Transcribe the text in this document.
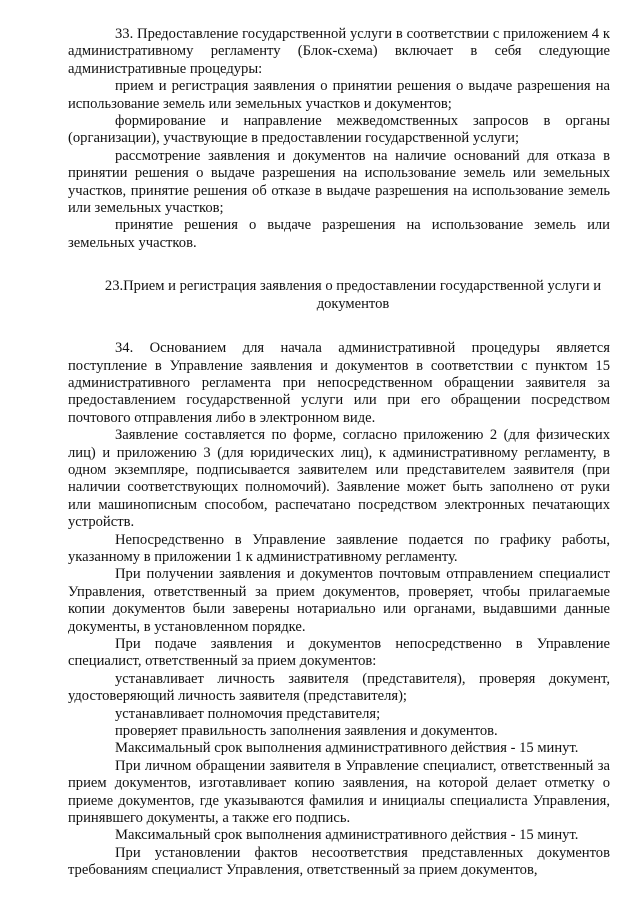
33. Предоставление государственной услуги в соответствии с приложением 4 к административному регламенту (Блок-схема) включает в себя следующие административные процедуры:

прием и регистрация заявления о принятии решения о выдаче разрешения на использование земель или земельных участков и документов;

формирование и направление межведомственных запросов в органы (организации), участвующие в предоставлении государственной услуги;

рассмотрение заявления и документов на наличие оснований для отказа в принятии решения о выдаче разрешения на использование земель или земельных участков, принятие решения об отказе в выдаче разрешения на использование земель или земельных участков;

принятие решения о выдаче разрешения на использование земель или земельных участков.

23.Прием и регистрация заявления о предоставлении государственной услуги и документов

34. Основанием для начала административной процедуры является поступление в Управление заявления и документов в соответствии с пунктом 15 административного регламента при непосредственном обращении заявителя за предоставлением государственной услуги или при его обращении посредством почтового отправления либо в электронном виде.

Заявление составляется по форме, согласно приложению 2 (для физических лиц) и приложению 3 (для юридических лиц), к административному регламенту, в одном экземпляре, подписывается заявителем или представителем заявителя (при наличии соответствующих полномочий). Заявление может быть заполнено от руки или машинописным способом, распечатано посредством электронных печатающих устройств.

Непосредственно в Управление заявление подается по графику работы, указанному в приложении 1 к административному регламенту.

При получении заявления и документов почтовым отправлением специалист Управления, ответственный за прием документов, проверяет, чтобы прилагаемые копии документов были заверены нотариально или органами, выдавшими данные документы, в установленном порядке.

При подаче заявления и документов непосредственно в Управление специалист, ответственный за прием документов:

устанавливает личность заявителя (представителя), проверяя документ, удостоверяющий личность заявителя (представителя);

устанавливает полномочия представителя;

проверяет правильность заполнения заявления и документов.

Максимальный срок выполнения административного действия - 15 минут.

При личном обращении заявителя в Управление специалист, ответственный за прием документов, изготавливает копию заявления, на которой делает отметку о приеме документов, где указываются фамилия и инициалы специалиста Управления, принявшего документы, а также его подпись.

Максимальный срок выполнения административного действия - 15 минут.

При установлении фактов несоответствия представленных документов требованиям специалист Управления, ответственный за прием документов,
